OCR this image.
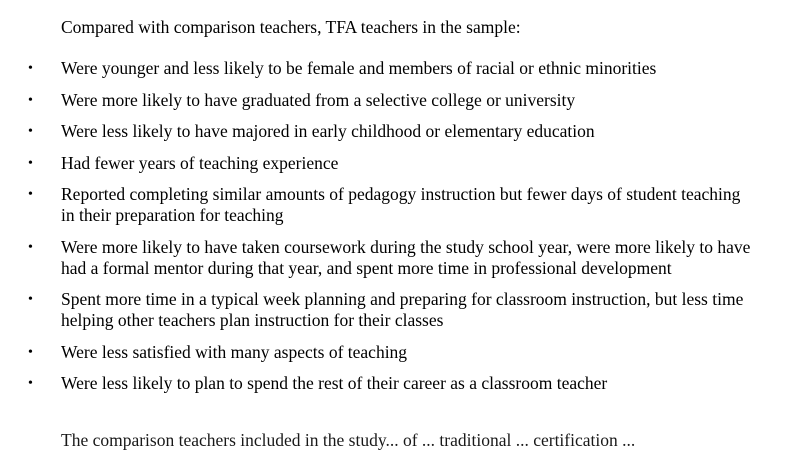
Compared with comparison teachers, TFA teachers in the sample:

• Were younger and less likely to be female and members of racial or ethnic minorities
• Were more likely to have graduated from a selective college or university
• Were less likely to have majored in early childhood or elementary education
• Had fewer years of teaching experience
• Reported completing similar amounts of pedagogy instruction but fewer days of student teaching in their preparation for teaching
• Were more likely to have taken coursework during the study school year, were more likely to have had a formal mentor during that year, and spent more time in professional development
• Spent more time in a typical week planning and preparing for classroom instruction, but less time helping other teachers plan instruction for their classes
• Were less satisfied with many aspects of teaching
• Were less likely to plan to spend the rest of their career as a classroom teacher

The comparison teachers included in the study... of ... traditional ... certification ...
